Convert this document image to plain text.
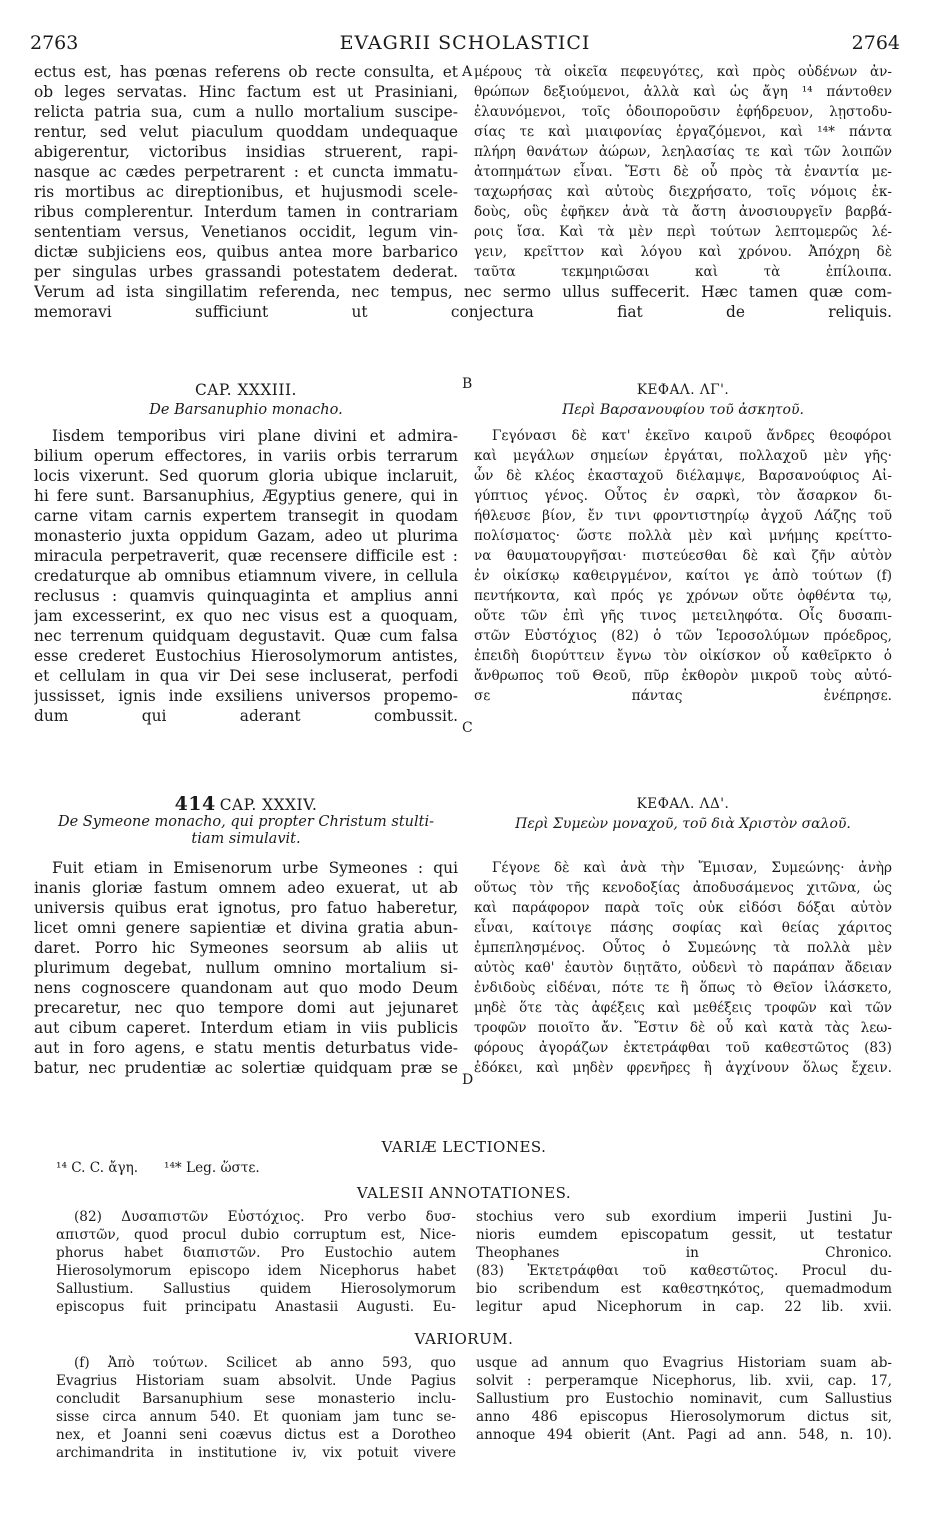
2763	EVAGRII SCHOLASTICI	2764
A
B
C
D
ectus est, has pœnas referens ob recte consulta, et
ob leges servatas. Hinc factum est ut Prasiniani,
relicta patria sua, cum a nullo mortalium suscipe-
rentur, sed velut piaculum quoddam undequaque
abigerentur, victoribus insidias struerent, rapi-
nasque ac cædes perpetrarent : et cuncta immatu-
ris mortibus ac direptionibus, et hujusmodi scele-
ribus complerentur. Interdum tamen in contrariam
sententiam versus, Venetianos occidit, legum vin-
dictæ subjiciens eos, quibus antea more barbarico
per singulas urbes grassandi potestatem dederat.
μέρους τὰ οἰκεῖα πεφευγότες, καὶ πρὸς οὐδένων ἀν-
θρώπων δεξιούμενοι, ἀλλὰ καὶ ὡς ἄγη ¹⁴ πάντοθεν
ἐλαυνόμενοι, τοῖς ὁδοιποροῦσιν ἐφήδρευον, λῃστοδυ-
σίας τε καὶ μιαιφονίας ἐργαζόμενοι, καὶ ¹⁴* πάντα
πλήρη θανάτων ἀώρων, λεηλασίας τε καὶ τῶν λοιπῶν
ἀτοπημάτων εἶναι. Ἔστι δὲ οὗ πρὸς τὰ ἐναντία με-
ταχωρήσας καὶ αὐτοὺς διεχρήσατο, τοῖς νόμοις ἐκ-
δοὺς, οὓς ἐφῆκεν ἀνὰ τὰ ἄστη ἀνοσιουργεῖν βαρβά-
ροις ἴσα. Καὶ τὰ μὲν περὶ τούτων λεπτομερῶς λέ-
γειν, κρεῖττον καὶ λόγου καὶ χρόνου. Ἀπόχρη δὲ
ταῦτα τεκμηριῶσαι καὶ τὰ ἐπίλοιπα.
Verum ad ista singillatim referenda, nec tempus, nec sermo ullus suffecerit. Hæc tamen quæ com-
memoravi sufficiunt ut conjectura fiat de reliquis.
CAP. XXXIII.
De Barsanuphio monacho.
Iisdem temporibus viri plane divini et admira-
bilium operum effectores, in variis orbis terrarum
locis vixerunt. Sed quorum gloria ubique inclaruit,
hi fere sunt. Barsanuphius, Ægyptius genere, qui in
carne vitam carnis expertem transegit in quodam
monasterio juxta oppidum Gazam, adeo ut plurima
miracula perpetraverit, quæ recensere difficile est :
credaturque ab omnibus etiamnum vivere, in cellula
reclusus : quamvis quinquaginta et amplius anni
jam excesserint, ex quo nec visus est a quoquam,
nec terrenum quidquam degustavit. Quæ cum falsa
esse crederet Eustochius Hierosolymorum antistes,
et cellulam in qua vir Dei sese incluserat, perfodi
jussisset, ignis inde exsiliens universos propemo-
dum qui aderant combussit.
ΚΕΦΑΛ. ΛΓ'.
Περὶ Βαρσανουφίου τοῦ ἀσκητοῦ.
Γεγόνασι δὲ κατ' ἐκεῖνο καιροῦ ἄνδρες θεοφόροι
καὶ μεγάλων σημείων ἐργάται, πολλαχοῦ μὲν γῆς·
ὧν δὲ κλέος ἑκασταχοῦ διέλαμψε, Βαρσανούφιος Αἰ-
γύπτιος γένος. Οὗτος ἐν σαρκὶ, τὸν ἄσαρκον δι-
ήθλευσε βίον, ἔν τινι φροντιστηρίῳ ἀγχοῦ Λάζης τοῦ
πολίσματος· ὥστε πολλὰ μὲν καὶ μνήμης κρείττο-
να θαυματουργῆσαι· πιστεύεσθαι δὲ καὶ ζῆν αὐτὸν
ἐν οἰκίσκῳ καθειργμένον, καίτοι γε ἀπὸ τούτων (f)
πεντήκοντα, καὶ πρός γε χρόνων οὔτε ὀφθέντα τῳ,
οὔτε τῶν ἐπὶ γῆς τινος μετειληφότα. Οἷς δυσαπι-
στῶν Εὐστόχιος (82) ὁ τῶν Ἱεροσολύμων πρόεδρος,
ἐπειδὴ διορύττειν ἔγνω τὸν οἰκίσκον οὗ καθεῖρκτο ὁ
ἄνθρωπος τοῦ Θεοῦ, πῦρ ἐκθορὸν μικροῦ τοὺς αὐτό-
σε πάντας ἐνέπρησε.
414 CAP. XXXIV.
De Symeone monacho, qui propter Christum stulti-
tiam simulavit.
Fuit etiam in Emisenorum urbe Symeones : qui
inanis gloriæ fastum omnem adeo exuerat, ut ab
universis quibus erat ignotus, pro fatuo haberetur,
licet omni genere sapientiæ et divina gratia abun-
daret. Porro hic Symeones seorsum ab aliis ut
plurimum degebat, nullum omnino mortalium si-
nens cognoscere quandonam aut quo modo Deum
precaretur, nec quo tempore domi aut jejunaret
aut cibum caperet. Interdum etiam in viis publicis
aut in foro agens, e statu mentis deturbatus vide-
batur, nec prudentiæ ac solertiæ quidquam præ se
ΚΕΦΑΛ. ΛΔ'.
Περὶ Συμεὼν μοναχοῦ, τοῦ διὰ Χριστὸν σαλοῦ.
Γέγονε δὲ καὶ ἀνὰ τὴν Ἔμισαν, Συμεώνης· ἀνὴρ
οὕτως τὸν τῆς κενοδοξίας ἀποδυσάμενος χιτῶνα, ὡς
καὶ παράφορον παρὰ τοῖς οὐκ εἰδόσι δόξαι αὐτὸν
εἶναι, καίτοιγε πάσης σοφίας καὶ θείας χάριτος
ἐμπεπλησμένος. Οὗτος ὁ Συμεώνης τὰ πολλὰ μὲν
αὐτὸς καθ' ἑαυτὸν διῃτᾶτο, οὐδενὶ τὸ παράπαν ἄδειαν
ἐνδιδοὺς εἰδέναι, πότε τε ἢ ὅπως τὸ Θεῖον ἱλάσκετο,
μηδὲ ὅτε τὰς ἀφέξεις καὶ μεθέξεις τροφῶν καὶ τῶν
τροφῶν ποιοῖτο ἄν. Ἔστιν δὲ οὗ καὶ κατὰ τὰς λεω-
φόρους ἀγοράζων ἐκτετράφθαι τοῦ καθεστῶτος (83)
ἐδόκει, καὶ μηδὲν φρενῆρες ἢ ἀγχίνουν ὅλως ἔχειν.
VARIÆ LECTIONES.
¹⁴ C. C. ἄγη.      ¹⁴* Leg. ὥστε.
VALESII ANNOTATIONES.
(82) Δυσαπιστῶν Εὐστόχιος. Pro verbo δυσ-
απιστῶν, quod procul dubio corruptum est, Nice-
phorus habet διαπιστῶν. Pro Eustochio autem
Hierosolymorum episcopo idem Nicephorus habet
Sallustium. Sallustius quidem Hierosolymorum
episcopus fuit principatu Anastasii Augusti. Eu-
stochius vero sub exordium imperii Justini Ju-
nioris eumdem episcopatum gessit, ut testatur
Theophanes in Chronico.
(83) Ἐκτετράφθαι τοῦ καθεστῶτος. Procul du-
bio scribendum est καθεστηκότος, quemadmodum
legitur apud Nicephorum in cap. 22 lib. xvii.
VARIORUM.
(f) Ἀπὸ τούτων. Scilicet ab anno 593, quo
Evagrius Historiam suam absolvit. Unde Pagius
concludit Barsanuphium sese monasterio inclu-
sisse circa annum 540. Et quoniam jam tunc se-
nex, et Joanni seni coævus dictus est a Dorotheo
archimandrita in institutione iv, vix potuit vivere
usque ad annum quo Evagrius Historiam suam ab-
solvit : perperamque Nicephorus, lib. xvii, cap. 17,
Sallustium pro Eustochio nominavit, cum Sallustius
anno 486 episcopus Hierosolymorum dictus sit,
annoque 494 obierit (Ant. Pagi ad ann. 548, n. 10).
